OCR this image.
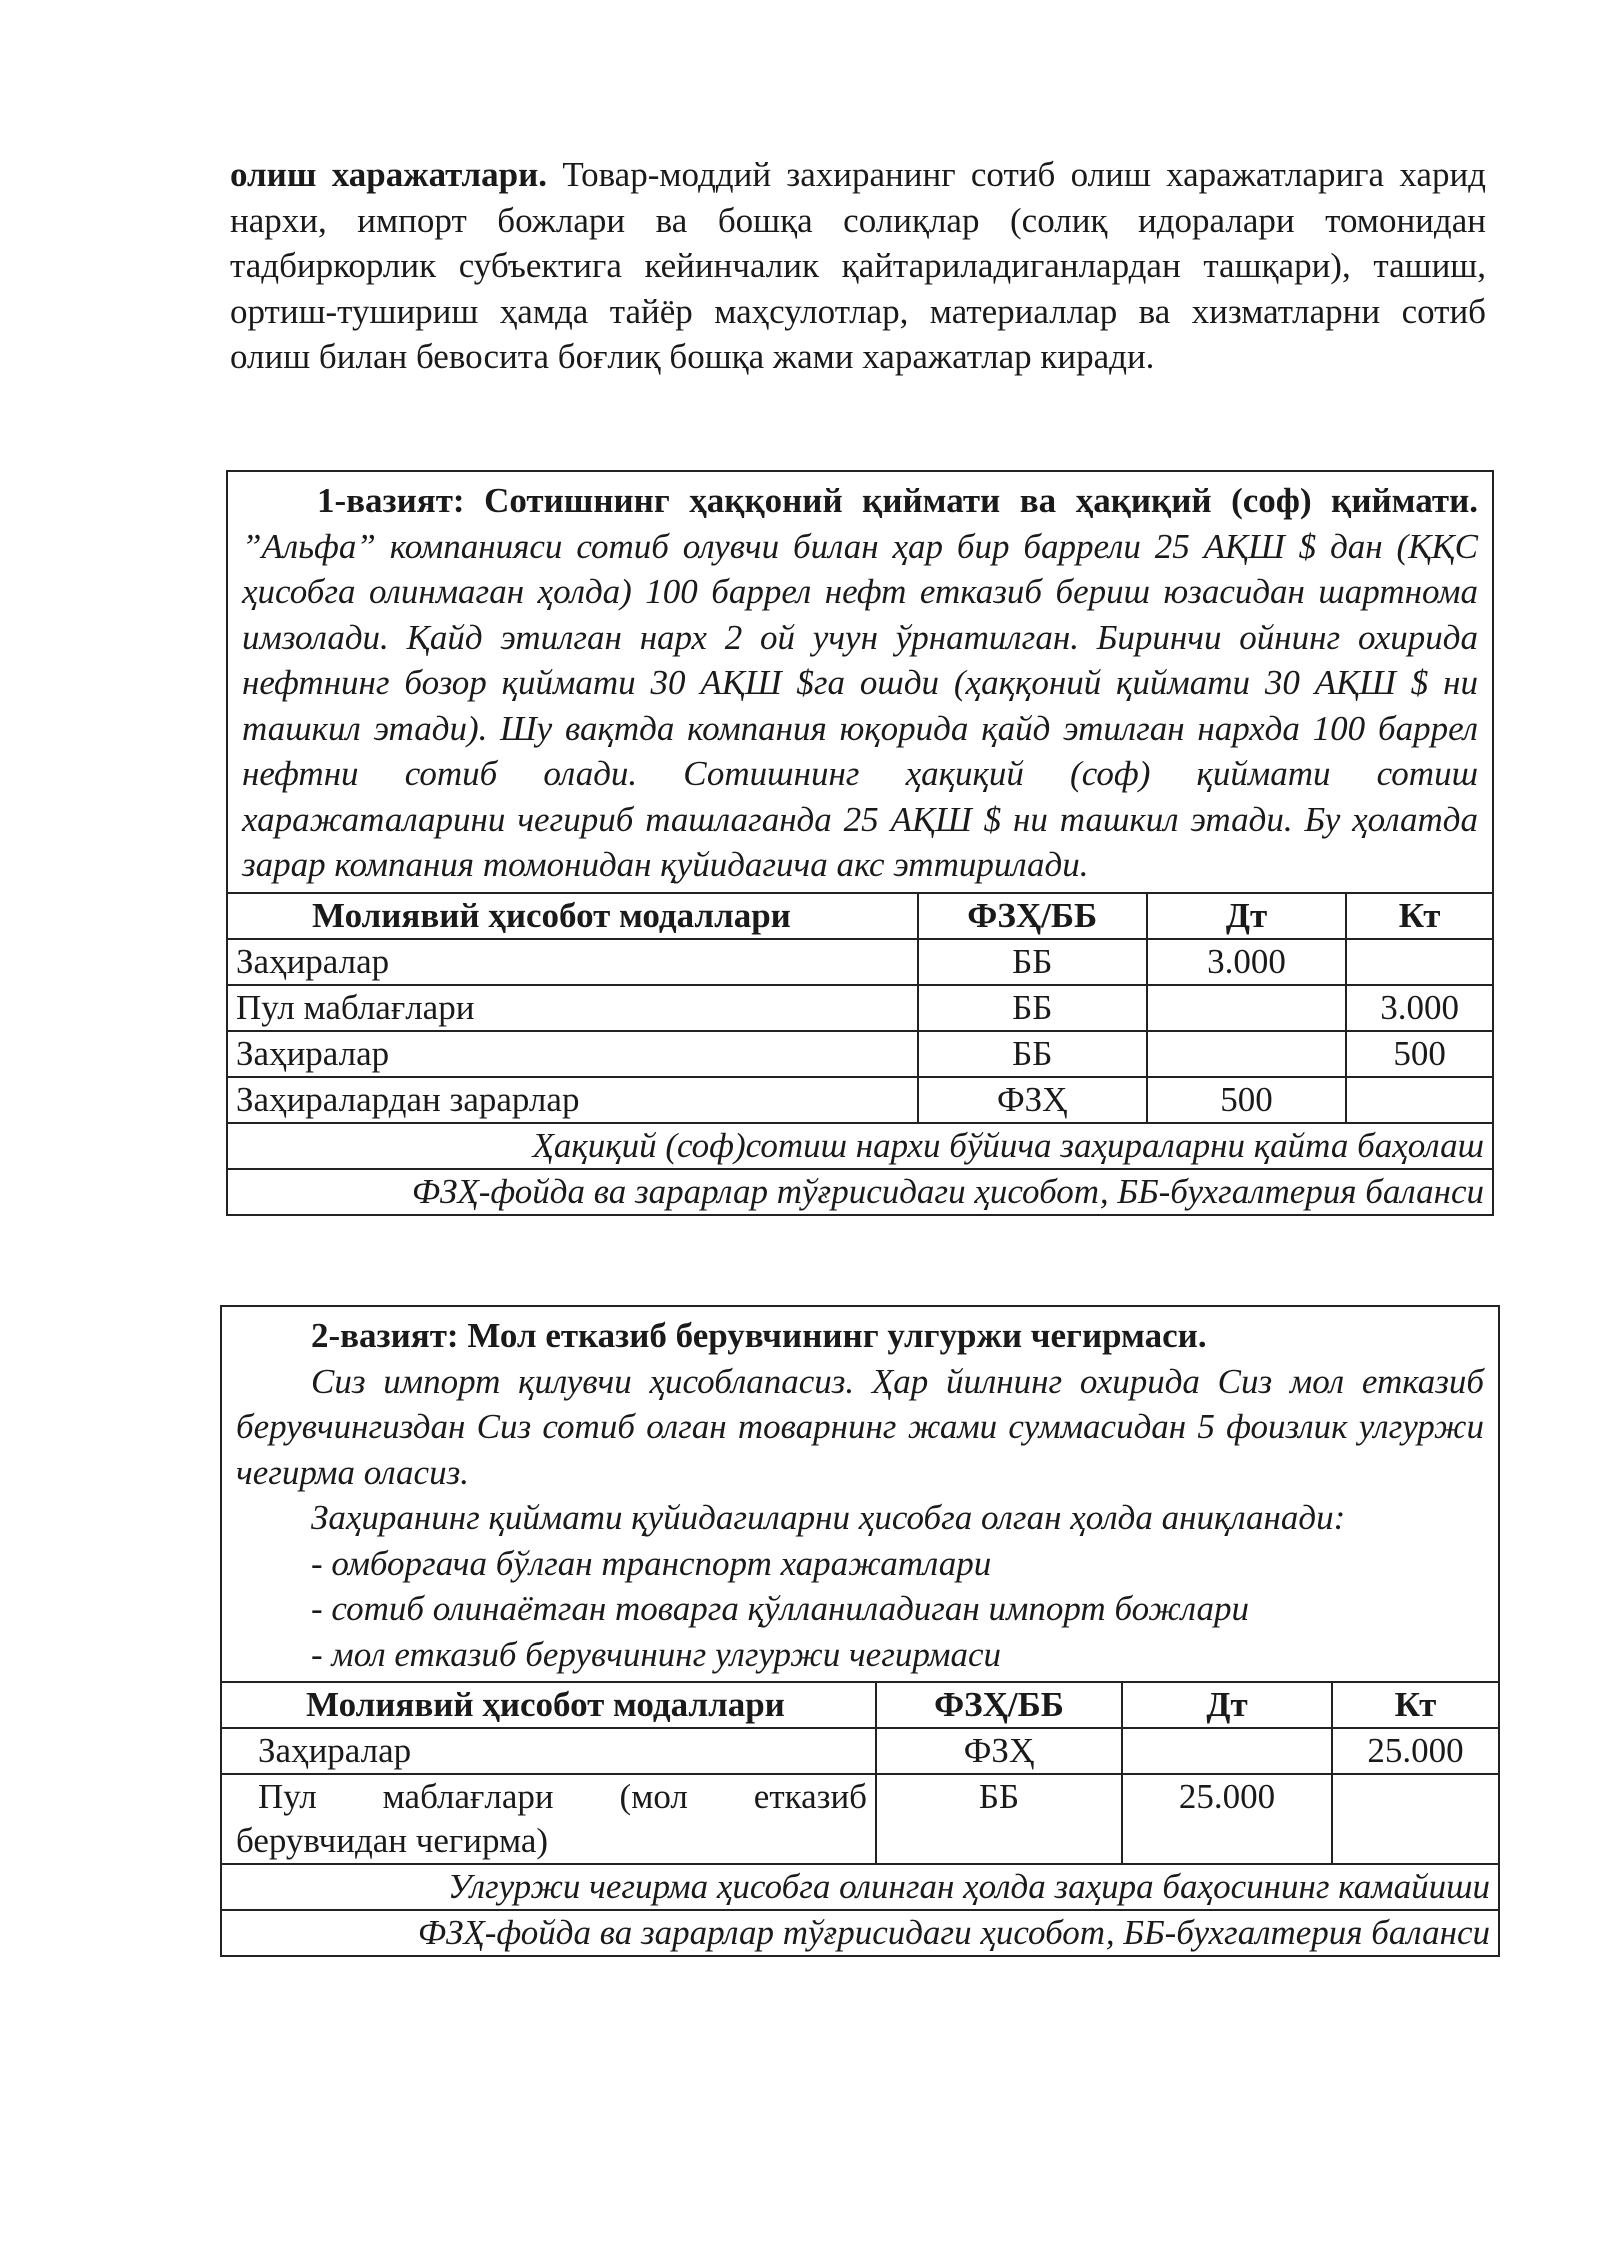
олиш харажатлари. Товар-моддий захиранинг сотиб олиш харажатларига харид нархи, импорт божлари ва бошқа солиқлар (солиқ идоралари томонидан тадбиркорлик субъектига кейинчалик қайтариладиганлардан ташқари), ташиш, ортиш-тушириш ҳамда тайёр маҳсулотлар, материаллар ва хизматларни сотиб олиш билан бевосита боғлиқ бошқа жами харажатлар киради.

1-вазият: Сотишнинг ҳаққоний қиймати ва ҳақиқий (соф) қиймати. ”Альфа” компанияси сотиб олувчи билан ҳар бир баррели 25 АҚШ $ дан (ҚҚС ҳисобга олинмаган ҳолда) 100 баррел нефт етказиб бериш юзасидан шартнома имзолади. Қайд этилган нарх 2 ой учун ўрнатилган. Биринчи ойнинг охирида нефтнинг бозор қиймати 30 АҚШ $га ошди (ҳаққоний қиймати 30 АҚШ $ ни ташкил этади). Шу вақтда компания юқорида қайд этилган нархда 100 баррел нефтни сотиб олади. Сотишнинг ҳақиқий (соф) қиймати сотиш харажаталарини чегириб ташлаганда 25 АҚШ $ ни ташкил этади. Бу ҳолатда зарар компания томонидан қуйидагича акс эттирилади.

Молиявий ҳисобот модаллари	ФЗҲ/ББ	Дт	Кт
Заҳиралар	ББ	3.000	
Пул маблағлари	ББ		3.000
Заҳиралар	ББ		500
Заҳиралардан зарарлар	ФЗҲ	500	
Ҳақиқий (соф)сотиш нархи бўйича заҳираларни қайта баҳолаш			
ФЗҲ-фойда ва зарарлар тўғрисидаги ҳисобот, ББ-бухгалтерия баланси			

2-вазият: Мол етказиб берувчининг улгуржи чегирмаси.

Сиз импорт қилувчи ҳисоблanасиз. Ҳар йилнинг охирида Сиз мол етказиб берувчингиздан Сиз сотиб олган товарнинг жами суммасидан 5 фоизлик улгуржи чегирма оласиз.

Заҳиранинг қиймати қуйидагиларни ҳисобга олган ҳолда аниқланади:

- омборгача бўлган транспорт харажатлари

- сотиб олинаётган товарга қўлланиладиган импорт божлари

- мол етказиб берувчининг улгуржи чегирмаси

Молиявий ҳисобот модаллари	ФЗҲ/ББ	Дт	Кт
Заҳиралар	ФЗҲ		25.000

Пул маблағлари (мол етказиб
берувчидан чегирма)	ББ	25.000	
Улгуржи чегирма ҳисобга олинган ҳолда заҳира баҳосининг камайиши			
ФЗҲ-фойда ва зарарлар тўғрисидаги ҳисобот, ББ-бухгалтерия баланси			
